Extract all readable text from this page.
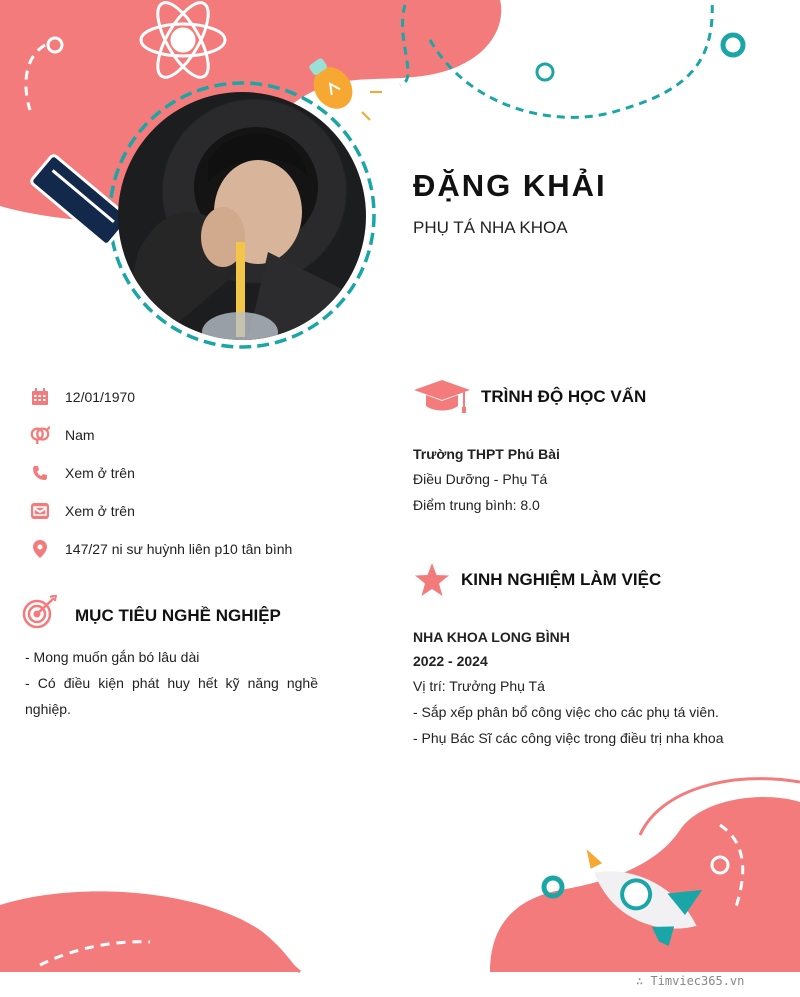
ĐẶNG KHẢI
PHỤ TÁ NHA KHOA
12/01/1970
Nam
Xem ở trên
Xem ở trên
147/27 ni sư huỳnh liên p10 tân bình
MỤC TIÊU NGHỀ NGHIỆP
- Mong muốn gắn bó lâu dài
- Có điều kiện phát huy hết kỹ năng nghề nghiệp.
TRÌNH ĐỘ HỌC VẤN
Trường THPT Phú Bài
Điều Dưỡng - Phụ Tá
Điểm trung bình: 8.0
KINH NGHIỆM LÀM VIỆC
NHA KHOA LONG BÌNH
2022 - 2024
Vị trí: Trưởng Phụ Tá
- Sắp xếp phân bổ công việc cho các phụ tá viên.
- Phụ Bác Sĩ các công việc trong điều trị nha khoa
∴ Timviec365.vn
